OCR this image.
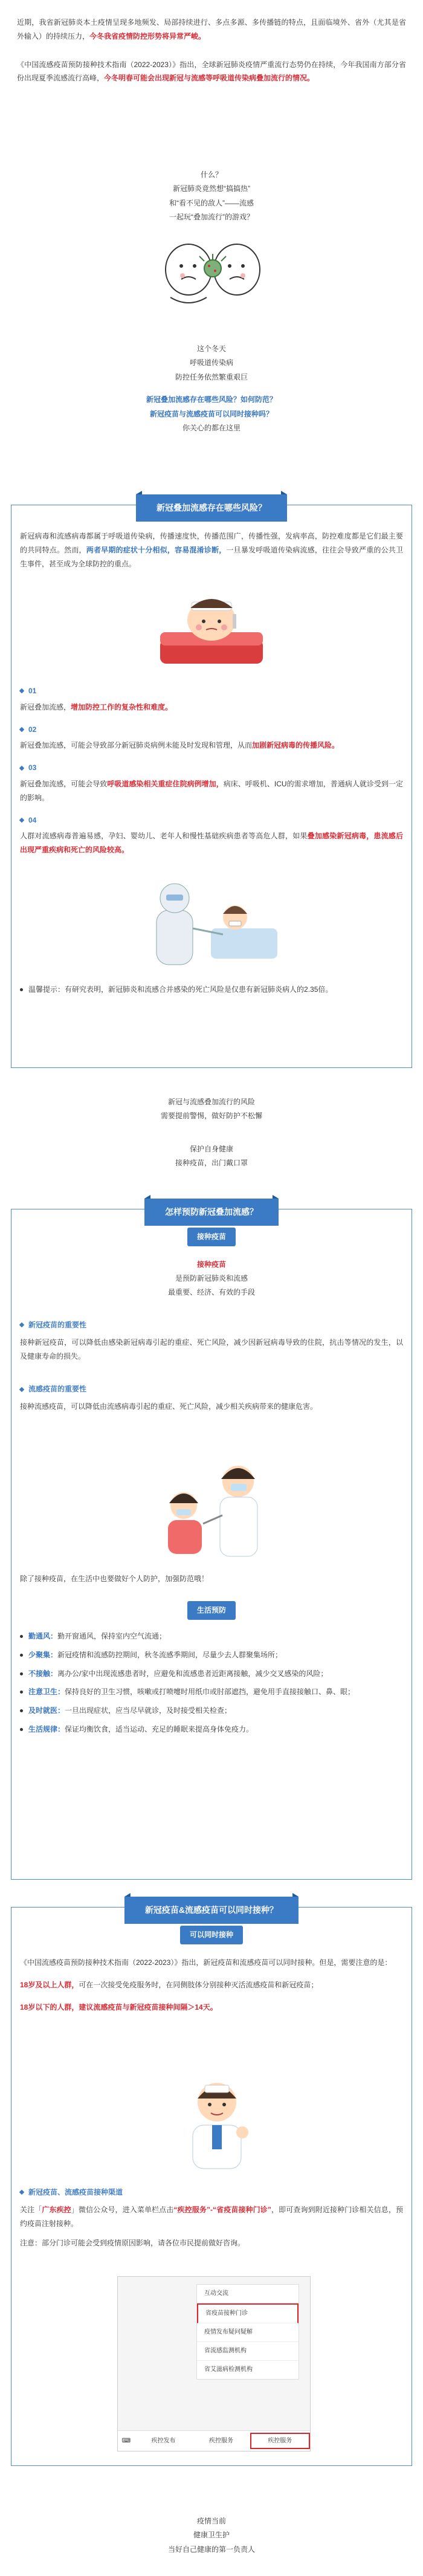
近期，我省新冠肺炎本土疫情呈现多地频发、局部持续进行、多点多源、多传播链的特点，且面临境外、省外（尤其是省外输入）的持续压力，今冬我省疫情防控形势将异常严峻。

《中国流感疫苗预防接种技术指南（2022-2023）》指出，全球新冠肺炎疫情严重流行态势仍在持续，今年我国南方部分省份出现夏季流感流行高峰，今冬明春可能会出现新冠与流感等呼吸道传染病叠加流行的情况。

什么？
新冠肺炎竟然想“搞搞热”
和“看不见的敌人”——流感
一起玩“叠加流行”的游戏？
这个冬天
呼吸道传染病
防控任务依然繁重艰巨
新冠叠加流感存在哪些风险？如何防范？
新冠疫苗与流感疫苗可以同时接种吗？
你关心的都在这里
新冠叠加流感存在哪些风险？

新冠病毒和流感病毒都属于呼吸道传染病，传播速度快，传播范围广，传播性强，发病率高，防控难度都是它们最主要的共同特点。然而，两者早期的症状十分相似，容易混淆诊断，一旦暴发呼吸道传染病流感，往往会导致严重的公共卫生事件，甚至成为全球防控的重点。

01

新冠叠加流感，增加防控工作的复杂性和难度。

02

新冠叠加流感，可能会导致部分新冠肺炎病例未能及时发现和管理，从而加剧新冠病毒的传播风险。

03

新冠叠加流感，可能会导致呼吸道感染相关重症住院病例增加，病床、呼吸机、ICU的需求增加，普通病人就诊受到一定的影响。

04

人群对流感病毒普遍易感，孕妇、婴幼儿、老年人和慢性基础疾病患者等高危人群，如果叠加感染新冠病毒，患流感后出现严重疾病和死亡的风险较高。

温馨提示：有研究表明，新冠肺炎和流感合并感染的死亡风险是仅患有新冠肺炎病人的2.35倍。
新冠与流感叠加流行的风险
需要提前警惕，做好防护不松懈
保护自身健康
接种疫苗，出门戴口罩
怎样预防新冠叠加流感？
接种疫苗
接种疫苗
是预防新冠肺炎和流感
最重要、经济、有效的手段
新冠疫苗的重要性

接种新冠疫苗，可以降低由感染新冠病毒引起的重症、死亡风险，减少因新冠病毒导致的住院，抗击等情况的发生，以及健康寿命的损失。

流感疫苗的重要性

接种流感疫苗，可以降低由流感病毒引起的重症、死亡风险，减少相关疾病带来的健康危害。

除了接种疫苗，在生活中也要做好个人防护，加强防范哦！

生活预防
勤通风：勤开窗通风，保持室内空气流通；
少聚集：新冠疫情和流感防控期间，秋冬流感季期间，尽量少去人群聚集场所；
不接触：离办公/家中出现流感患者时，应避免和流感患者近距离接触，减少交叉感染的风险；
注意卫生：保持良好的卫生习惯，咳嗽或打喷嚏时用纸巾或肘部遮挡，避免用手直接接触口、鼻、眼；
及时就医：一旦出现症状，应当尽早就诊，及时接受相关检查；
生活规律：保证均衡饮食，适当运动、充足的睡眠来提高身体免疫力。
新冠疫苗&流感疫苗可以同时接种？
可以同时接种

《中国流感疫苗预防接种技术指南（2022-2023）》指出，新冠疫苗和流感疫苗可以同时接种。但是，需要注意的是：

18岁及以上人群，可在一次接受免疫服务时，在同侧肢体分别接种灭活流感疫苗和新冠疫苗；

18岁以下的人群，建议流感疫苗与新冠疫苗接种间隔＞14天。

新冠疫苗、流感疫苗接种渠道

关注「广东疾控」微信公众号，进入菜单栏点击“疾控服务”-“省疫苗接种门诊”，即可查询到附近接种门诊相关信息，预约疫苗注射接种。

注意：部分门诊可能会受到疫情原因影响，请各位市民提前做好咨询。

互动交流
省疫苗接种门诊
疫情发布疑问疑解
省流感监测机构
省艾滋病检测机构
⌨	疾控发布	疾控服务	疾控服务
疫情当前
健康卫生护
当好自己健康的第一负责人
